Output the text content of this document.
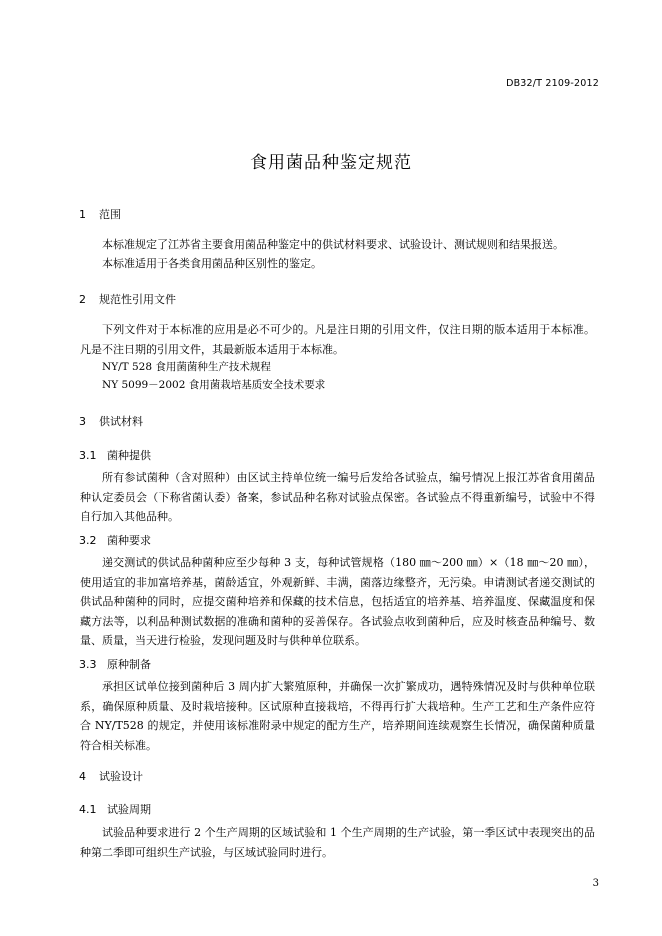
DB32/T 2109-2012
食用菌品种鉴定规范
1 范围

本标准规定了江苏省主要食用菌品种鉴定中的供试材料要求、试验设计、测试规则和结果报送。

本标准适用于各类食用菌品种区别性的鉴定。

2 规范性引用文件

下列文件对于本标准的应用是必不可少的。凡是注日期的引用文件，仅注日期的版本适用于本标准。凡是不注日期的引用文件，其最新版本适用于本标准。

NY/T 528 食用菌菌种生产技术规程
NY 5099－2002 食用菌栽培基质安全技术要求
3 供试材料
3.1 菌种提供

所有参试菌种（含对照种）由区试主持单位统一编号后发给各试验点，编号情况上报江苏省食用菌品种认定委员会（下称省菌认委）备案，参试品种名称对试验点保密。各试验点不得重新编号，试验中不得自行加入其他品种。

3.2 菌种要求

递交测试的供试品种菌种应至少每种 3 支，每种试管规格（180 ㎜～200 ㎜）×（18 ㎜～20 ㎜），使用适宜的非加富培养基，菌龄适宜，外观新鲜、丰满，菌落边缘整齐，无污染。申请测试者递交测试的供试品种菌种的同时，应提交菌种培养和保藏的技术信息，包括适宜的培养基、培养温度、保藏温度和保藏方法等，以利品种测试数据的准确和菌种的妥善保存。各试验点收到菌种后，应及时核查品种编号、数量、质量，当天进行检验，发现问题及时与供种单位联系。

3.3 原种制备

承担区试单位接到菌种后 3 周内扩大繁殖原种，并确保一次扩繁成功，遇特殊情况及时与供种单位联系，确保原种质量、及时栽培接种。区试原种直接栽培，不得再行扩大栽培种。生产工艺和生产条件应符合 NY/T528 的规定，并使用该标准附录中规定的配方生产，培养期间连续观察生长情况，确保菌种质量符合相关标准。

4 试验设计
4.1 试验周期

试验品种要求进行 2 个生产周期的区域试验和 1 个生产周期的生产试验，第一季区试中表现突出的品种第二季即可组织生产试验，与区域试验同时进行。

3
